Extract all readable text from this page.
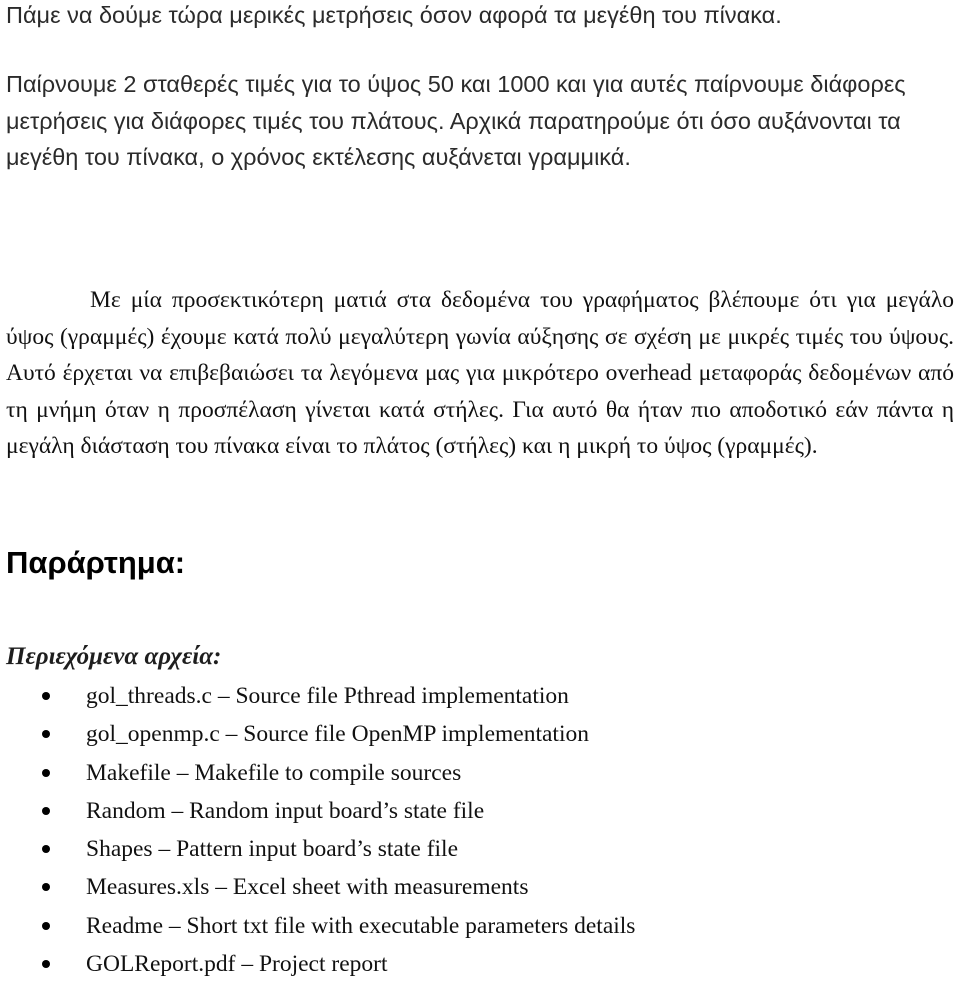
Πάμε να δούμε τώρα μερικές μετρήσεις όσον αφορά τα μεγέθη του πίνακα.

Παίρνουμε 2 σταθερές τιμές για το ύψος 50 και 1000 και για αυτές παίρνουμε διάφορες μετρήσεις για διάφορες τιμές του πλάτους. Αρχικά παρατηρούμε ότι όσο αυξάνονται τα μεγέθη του πίνακα, ο χρόνος εκτέλεσης αυξάνεται γραμμικά.

Με μία προσεκτικότερη ματιά στα δεδομένα του γραφήματος βλέπουμε ότι για μεγάλο ύψος (γραμμές) έχουμε κατά πολύ μεγαλύτερη γωνία αύξησης σε σχέση με μικρές τιμές του ύψους. Αυτό έρχεται να επιβεβαιώσει τα λεγόμενα μας για μικρότερο overhead μεταφοράς δεδομένων από τη μνήμη όταν η προσπέλαση γίνεται κατά στήλες. Για αυτό θα ήταν πιο αποδοτικό εάν πάντα η μεγάλη διάσταση του πίνακα είναι το πλάτος (στήλες) και η μικρή το ύψος (γραμμές).

Παράρτημα:
Περιεχόμενα αρχεία:
gol_threads.c – Source file Pthread implementation
gol_openmp.c – Source file OpenMP implementation
Makefile – Makefile to compile sources
Random – Random input board’s state file
Shapes – Pattern input board’s state file
Measures.xls – Excel sheet with measurements
Readme – Short txt file with executable parameters details
GOLReport.pdf – Project report
